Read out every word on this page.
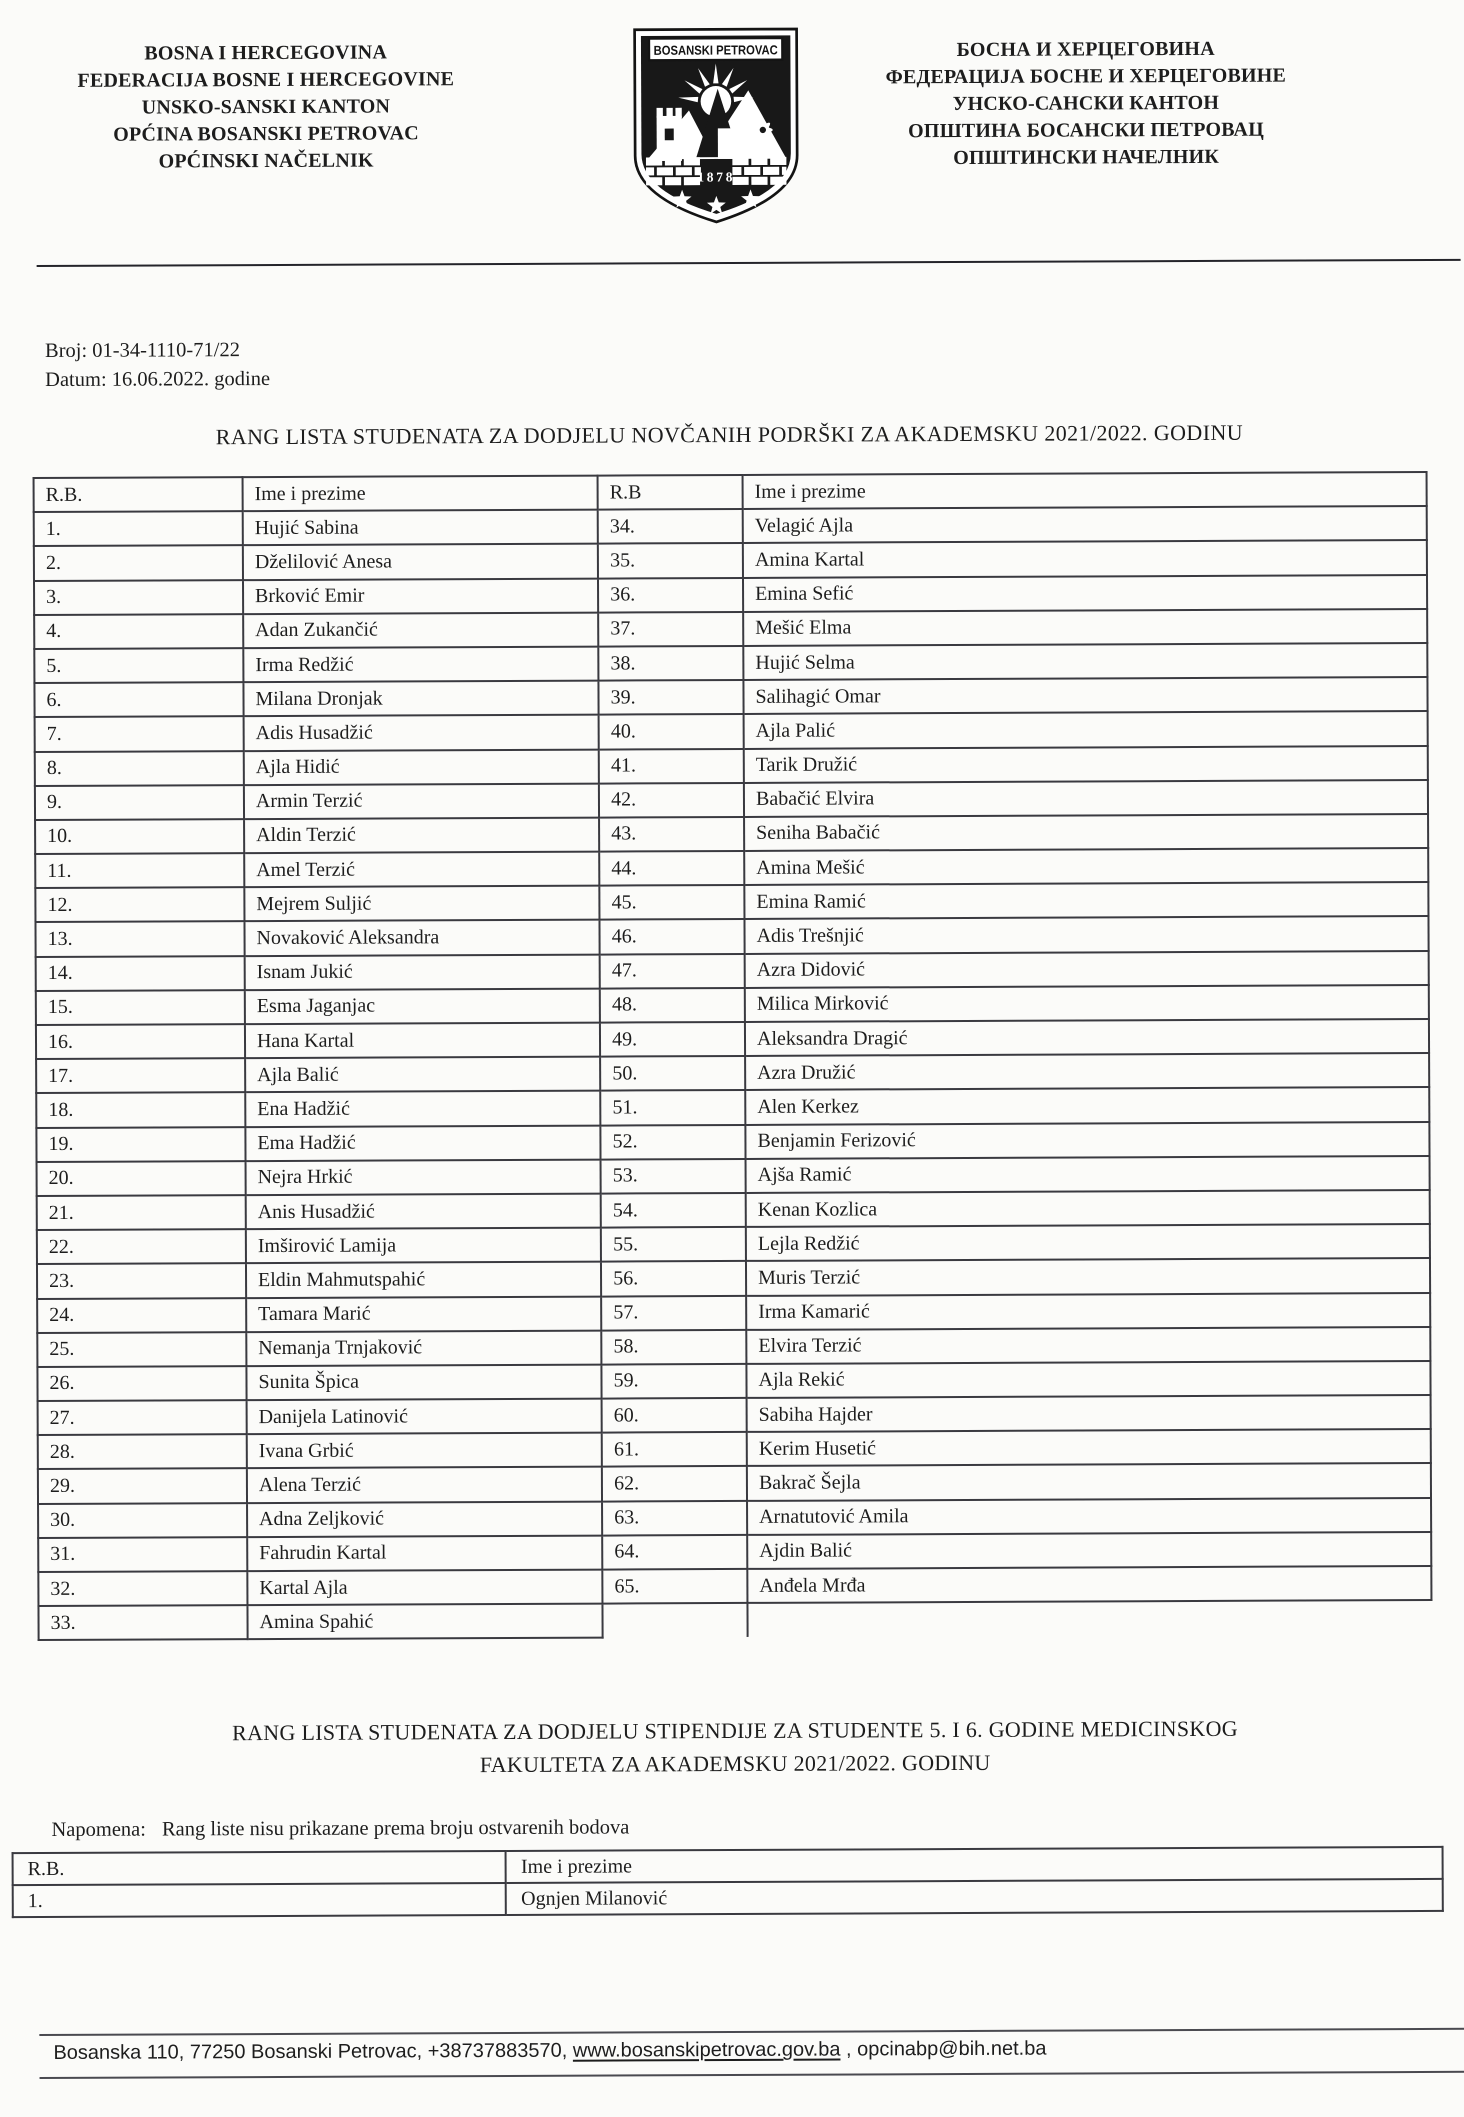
BOSNA I HERCEGOVINA
FEDERACIJA BOSNE I HERCEGOVINE
UNSKO-SANSKI KANTON
OPĆINA BOSANSKI PETROVAC
OPĆINSKI NAČELNIK
BOSANSKI PETROVAC
1878
БОСНА И ХЕРЦЕГОВИНА
ФЕДЕРАЦИЈА БОСНЕ И ХЕРЦЕГОВИНЕ
УНСКО-САНСКИ КАНТОН
ОПШТИНА БОСАНСКИ ПЕТРОВАЦ
ОПШТИНСКИ НАЧЕЛНИК
Broj: 01-34-1110-71/22
Datum: 16.06.2022. godine
RANG LISTA STUDENATA ZA DODJELU NOVČANIH PODRŠKI ZA AKADEMSKU 2021/2022. GODINU
R.B.	Ime i prezime	R.B	Ime i prezime
1.	Hujić Sabina	34.	Velagić Ajla
2.	Dželilović Anesa	35.	Amina Kartal
3.	Brković Emir	36.	Emina Sefić
4.	Adan Zukančić	37.	Mešić Elma
5.	Irma Redžić	38.	Hujić Selma
6.	Milana Dronjak	39.	Salihagić Omar
7.	Adis Husadžić	40.	Ajla Palić
8.	Ajla Hidić	41.	Tarik Družić
9.	Armin Terzić	42.	Babačić Elvira
10.	Aldin Terzić	43.	Seniha Babačić
11.	Amel Terzić	44.	Amina Mešić
12.	Mejrem Suljić	45.	Emina Ramić
13.	Novaković Aleksandra	46.	Adis Trešnjić
14.	Isnam Jukić	47.	Azra Didović
15.	Esma Jaganjac	48.	Milica Mirković
16.	Hana Kartal	49.	Aleksandra Dragić
17.	Ajla Balić	50.	Azra Družić
18.	Ena Hadžić	51.	Alen Kerkez
19.	Ema Hadžić	52.	Benjamin Ferizović
20.	Nejra Hrkić	53.	Ajša Ramić
21.	Anis Husadžić	54.	Kenan Kozlica
22.	Imširović Lamija	55.	Lejla Redžić
23.	Eldin Mahmutspahić	56.	Muris Terzić
24.	Tamara Marić	57.	Irma Kamarić
25.	Nemanja Trnjaković	58.	Elvira Terzić
26.	Sunita Špica	59.	Ajla Rekić
27.	Danijela Latinović	60.	Sabiha Hajder
28.	Ivana Grbić	61.	Kerim Husetić
29.	Alena Terzić	62.	Bakrač Šejla
30.	Adna Zeljković	63.	Arnatutović Amila
31.	Fahrudin Kartal	64.	Ajdin Balić
32.	Kartal Ajla	65.	Anđela Mrđa
33.	Amina Spahić		
RANG LISTA STUDENATA ZA DODJELU STIPENDIJE ZA STUDENTE 5. I 6. GODINE MEDICINSKOG
FAKULTETA ZA AKADEMSKU 2021/2022. GODINU

Napomena: Rang liste nisu prikazane prema broju ostvarenih bodova

R.B.	Ime i prezime
1.	Ognjen Milanović
Bosanska 110, 77250 Bosanski Petrovac, +38737883570, www.bosanskipetrovac.gov.ba , opcinabp@bih.net.ba
